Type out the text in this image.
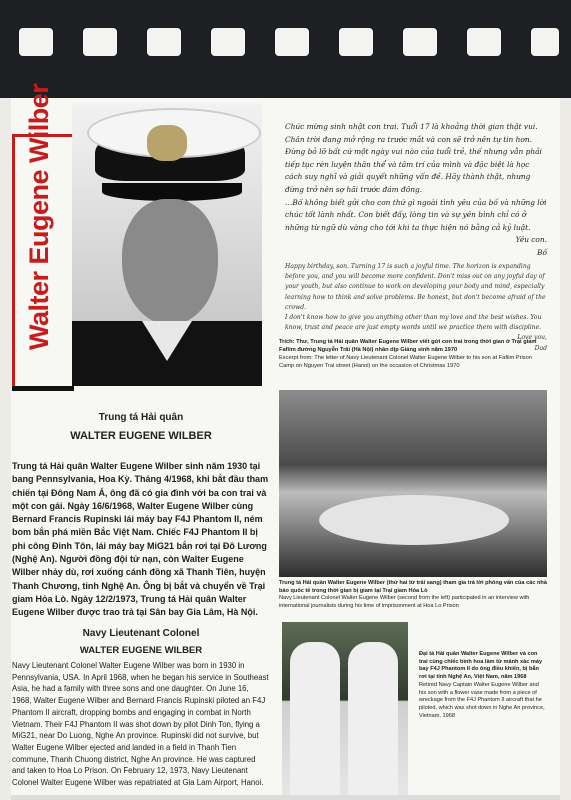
Walter Eugene Wilber	Chúc mừng sinh nhật con trai. Tuổi 17 là khoảng thời gian thật vui. Chân trời đang mở rộng ra trước mắt và con sẽ trở nên tự tin hơn. Đừng bỏ lỡ bất cứ một ngày vui nào của tuổi trẻ, thế nhưng vẫn phải tiếp tục rèn luyện thân thể và tâm trí của mình và đặc biệt là học cách suy nghĩ và giải quyết những vấn đề. Hãy thành thật, nhưng đừng trở nên sợ hãi trước đám đông.

…Bố không biết gửi cho con thứ gì ngoài tình yêu của bố và những lời chúc tốt lành nhất. Con biết đấy, lòng tin và sự yên bình chỉ có ở những từ ngữ dù vàng cho tới khi ta thực hiện nó bằng cả kỷ luật.

Yêu con.

Bố

Happy birthday, son. Turning 17 is such a joyful time. The horizon is expanding before you, and you will become more confident. Don't miss out on any joyful day of your youth, but also continue to work on developing your body and mind, especially learning how to think and solve problems. Be honest, but don't become afraid of the crowd.

I don't know how to give you anything other than my love and the best wishes. You know, trust and peace are just empty words until we practice them with discipline.

Love you,

Dad

Trích: Thư, Trung tá Hải quân Walter Eugene Wilber viết gửi con trai trong thời gian ở Trại giam Fafiim đường Nguyễn Trãi (Hà Nội) nhân dịp Giáng sinh năm 1970
Excerpt from: The letter of Navy Lieutenant Colonel Walter Eugene Wilber to his son at Fafiim Prison Camp on Nguyen Trai street (Hanoi) on the occasion of Christmas 1970
Trung tá Hải quân
WALTER EUGENE WILBER
Trung tá Hải quân Walter Eugene Wilber sinh năm 1930 tại bang Pennsylvania, Hoa Kỳ. Tháng 4/1968, khi bắt đầu tham chiến tại Đông Nam Á, ông đã có gia đình với ba con trai và một con gái. Ngày 16/6/1968, Walter Eugene Wilber cùng Bernard Francis Rupinski lái máy bay F4J Phantom II, ném bom bắn phá miền Bắc Việt Nam. Chiếc F4J Phantom II bị phi công Đinh Tôn, lái máy bay MiG21 bắn rơi tại Đô Lương (Nghệ An). Người đồng đội tử nạn, còn Walter Eugene Wilber nhảy dù, rơi xuống cánh đồng xã Thanh Tiên, huyện Thanh Chương, tỉnh Nghệ An. Ông bị bắt và chuyển về Trại giam Hỏa Lò. Ngày 12/2/1973, Trung tá Hải quân Walter Eugene Wilber được trao trả tại Sân bay Gia Lâm, Hà Nội.
Navy Lieutenant Colonel
WALTER EUGENE WILBER
Navy Lieutenant Colonel Walter Eugene Wilber was born in 1930 in Pennsylvania, USA. In April 1968, when he began his service in Southeast Asia, he had a family with three sons and one daughter. On June 16, 1968, Walter Eugene Wilber and Bernard Francis Rupinski piloted an F4J Phantom II aircraft, dropping bombs and engaging in combat in North Vietnam. Their F4J Phantom II was shot down by pilot Dinh Ton, flying a MiG21, near Do Luong, Nghe An province. Rupinski did not survive, but Walter Eugene Wilber ejected and landed in a field in Thanh Tien commune, Thanh Chuong district, Nghe An province. He was captured and taken to Hoa Lo Prison. On February 12, 1973, Navy Lieutenant Colonel Walter Eugene Wilber was repatriated at Gia Lam Airport, Hanoi.
Trung tá Hải quân Walter Eugene Wilber (thứ hai từ trái sang) tham gia trả lời phỏng vấn của các nhà báo quốc tế trong thời gian bị giam tại Trại giam Hỏa Lò
Navy Lieutenant Colonel Walter Eugene Wilber (second from the left) participated in an interview with international journalists during his time of imprisonment at Hoa Lo Prison
Đại tá Hải quân Walter Eugene Wilber và con trai cùng chiếc bình hoa làm từ mảnh xác máy bay F4J Phantom II do ông điều khiển, bị bắn rơi tại tỉnh Nghệ An, Việt Nam, năm 1968
Retired Navy Captain Walter Eugene Wilber and his son with a flower vase made from a piece of wreckage from the F4J Phantom II aircraft that he piloted, which was shot down in Nghe An province, Vietnam, 1968
